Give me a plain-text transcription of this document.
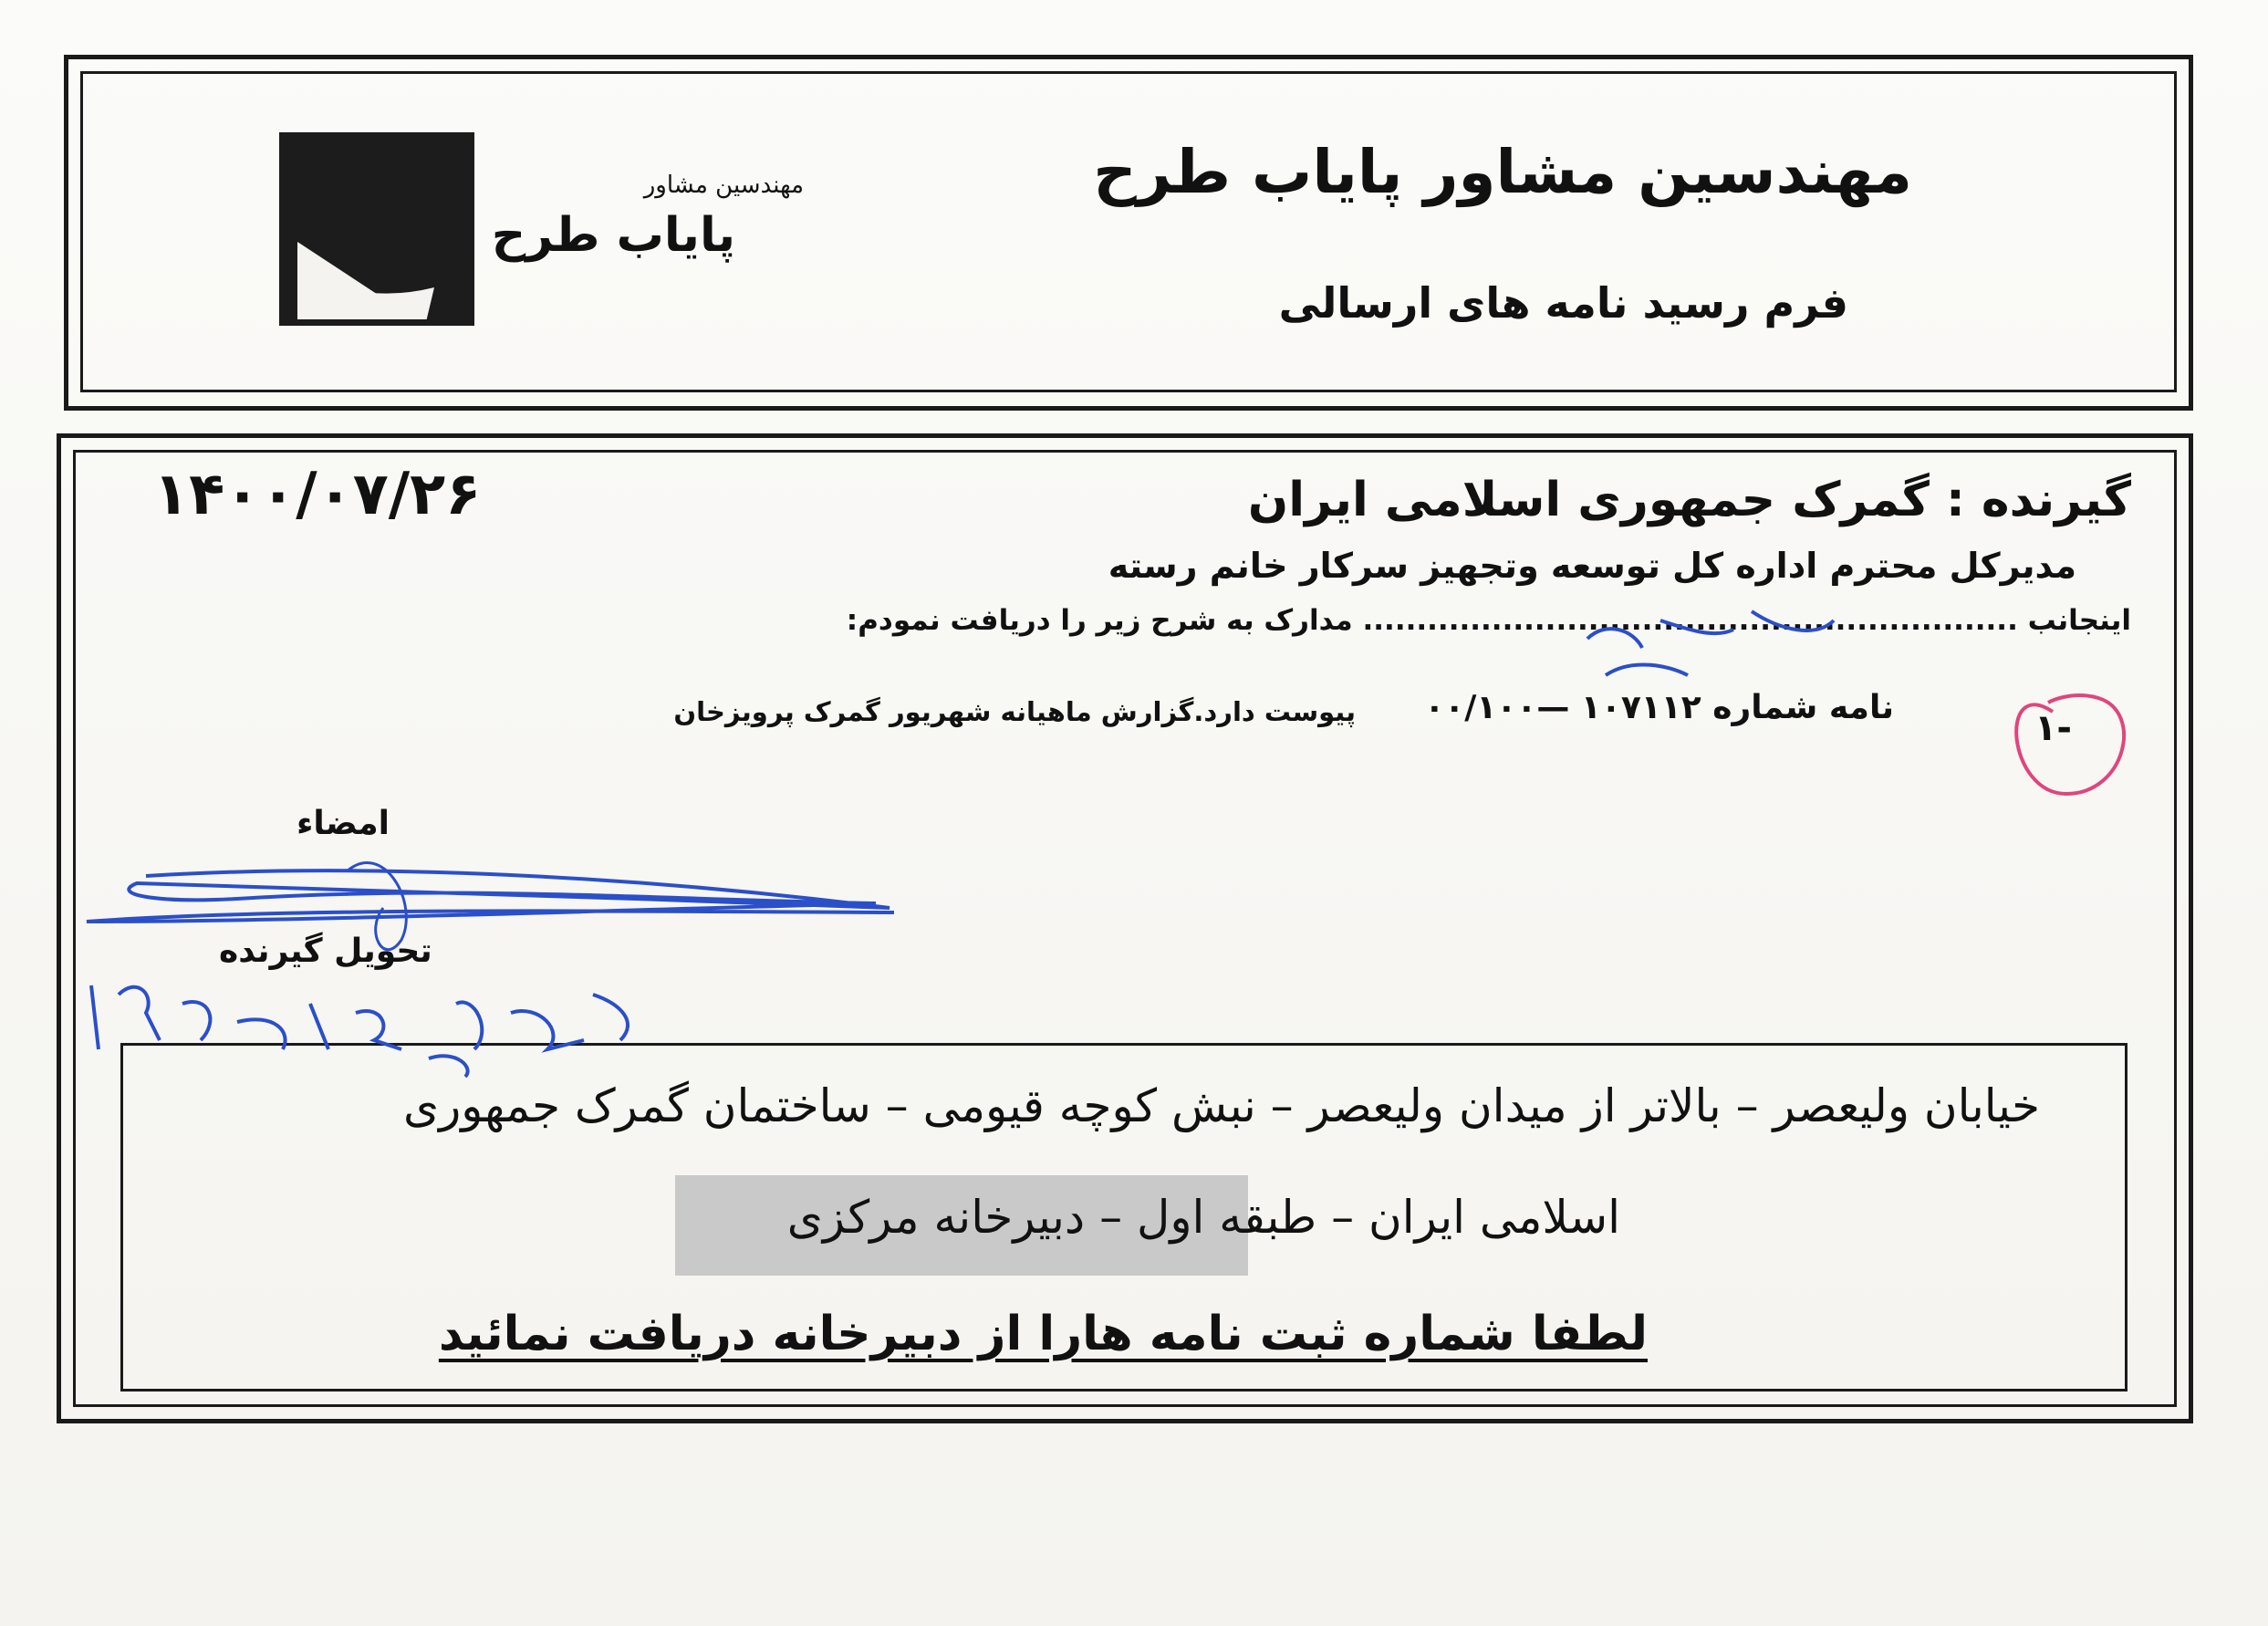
مهندسین مشاور پایاب طرح
فرم رسید نامه های ارسالی
مهندسین مشاور
پایاب طرح
گیرنده : گمرک جمهوری اسلامی ایران
مدیرکل محترم اداره کل توسعه وتجهیز سرکار خانم رسته
اینجانب ............................................................. مدارک به شرح زیر را دریافت نمودم:
۱۴۰۰/۰۷/۲۶
-۱
نامه شماره ۱۰۷۱۱۲ —۰۰/۱۰۰
پیوست دارد.گزارش ماهیانه شهریور گمرک پرویزخان
امضاء
تحویل گیرنده
خیابان ولیعصر – بالاتر از میدان ولیعصر – نبش کوچه قیومی – ساختمان گمرک جمهوری
اسلامی ایران – طبقه اول – دبیرخانه مرکزی
لطفا شماره ثبت نامه هارا از دبیرخانه دریافت نمائید
